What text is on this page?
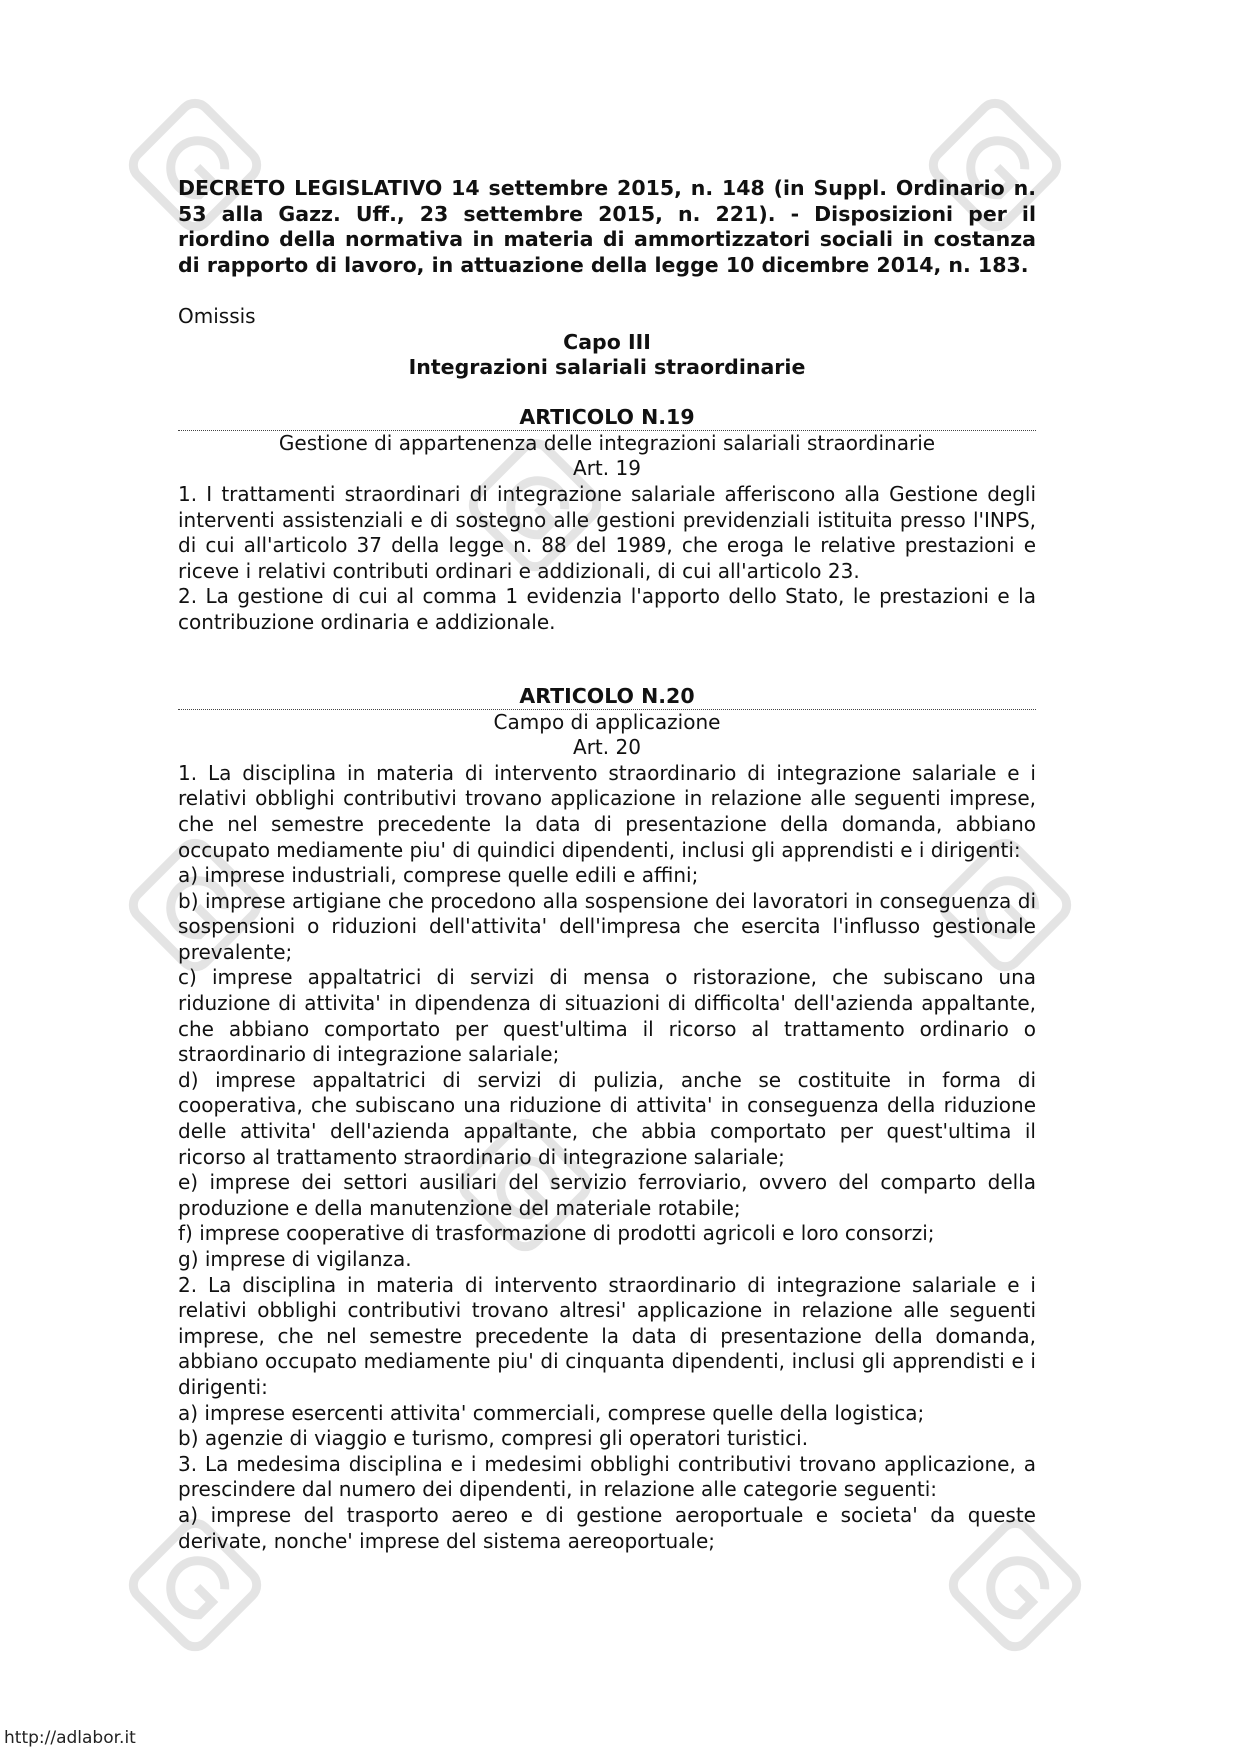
DECRETO LEGISLATIVO 14 settembre 2015, n. 148 (in Suppl. Ordinario n. 53 alla Gazz. Uff., 23 settembre 2015, n. 221). - Disposizioni per il riordino della normativa in materia di ammortizzatori sociali in costanza di rapporto di lavoro, in attuazione della legge 10 dicembre 2014, n. 183.

Omissis
Capo III
Integrazioni salariali straordinarie
ARTICOLO N.19
Gestione di appartenenza delle integrazioni salariali straordinarie
Art. 19

1. I trattamenti straordinari di integrazione salariale afferiscono alla Gestione degli interventi assistenziali e di sostegno alle gestioni previdenziali istituita presso l'INPS, di cui all'articolo 37 della legge n. 88 del 1989, che eroga le relative prestazioni e riceve i relativi contributi ordinari e addizionali, di cui all'articolo 23.

2. La gestione di cui al comma 1 evidenzia l'apporto dello Stato, le prestazioni e la contribuzione ordinaria e addizionale.

ARTICOLO N.20
Campo di applicazione
Art. 20

1. La disciplina in materia di intervento straordinario di integrazione salariale e i relativi obblighi contributivi trovano applicazione in relazione alle seguenti imprese, che nel semestre precedente la data di presentazione della domanda, abbiano occupato mediamente piu' di quindici dipendenti, inclusi gli apprendisti e i dirigenti:

a) imprese industriali, comprese quelle edili e affini;

b) imprese artigiane che procedono alla sospensione dei lavoratori in conseguenza di sospensioni o riduzioni dell'attivita' dell'impresa che esercita l'influsso gestionale prevalente;

c) imprese appaltatrici di servizi di mensa o ristorazione, che subiscano una riduzione di attivita' in dipendenza di situazioni di difficolta' dell'azienda appaltante, che abbiano comportato per quest'ultima il ricorso al trattamento ordinario o straordinario di integrazione salariale;

d) imprese appaltatrici di servizi di pulizia, anche se costituite in forma di cooperativa, che subiscano una riduzione di attivita' in conseguenza della riduzione delle attivita' dell'azienda appaltante, che abbia comportato per quest'ultima il ricorso al trattamento straordinario di integrazione salariale;

e) imprese dei settori ausiliari del servizio ferroviario, ovvero del comparto della produzione e della manutenzione del materiale rotabile;

f) imprese cooperative di trasformazione di prodotti agricoli e loro consorzi;

g) imprese di vigilanza.

2. La disciplina in materia di intervento straordinario di integrazione salariale e i relativi obblighi contributivi trovano altresi' applicazione in relazione alle seguenti imprese, che nel semestre precedente la data di presentazione della domanda, abbiano occupato mediamente piu' di cinquanta dipendenti, inclusi gli apprendisti e i dirigenti:

a) imprese esercenti attivita' commerciali, comprese quelle della logistica;

b) agenzie di viaggio e turismo, compresi gli operatori turistici.

3. La medesima disciplina e i medesimi obblighi contributivi trovano applicazione, a prescindere dal numero dei dipendenti, in relazione alle categorie seguenti:

a) imprese del trasporto aereo e di gestione aeroportuale e societa' da queste derivate, nonche' imprese del sistema aereoportuale;

http://adlabor.it
